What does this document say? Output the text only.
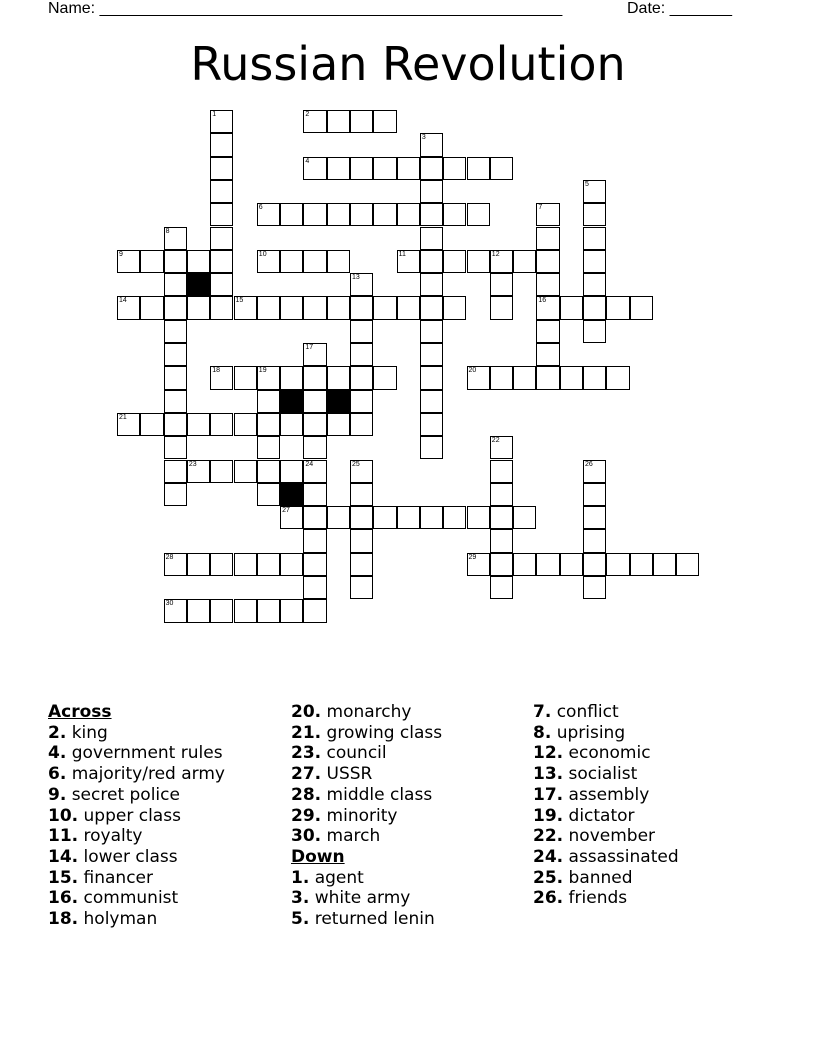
Name: ____________________________________________________	Date: _______
Russian Revolution
2
4
6
9	10	11	12
14	15	16
18	19	20
21
23
27
28	29
30
1
3
5
7
8
13
17
22
24	25	26
Across
2. king
4. government rules
6. majority/red army
9. secret police
10. upper class
11. royalty
14. lower class
15. financer
16. communist
18. holyman
20. monarchy
21. growing class
23. council
27. USSR
28. middle class
29. minority
30. march
Down
1. agent
3. white army
5. returned lenin
7. conflict
8. uprising
12. economic
13. socialist
17. assembly
19. dictator
22. november
24. assassinated
25. banned
26. friends
